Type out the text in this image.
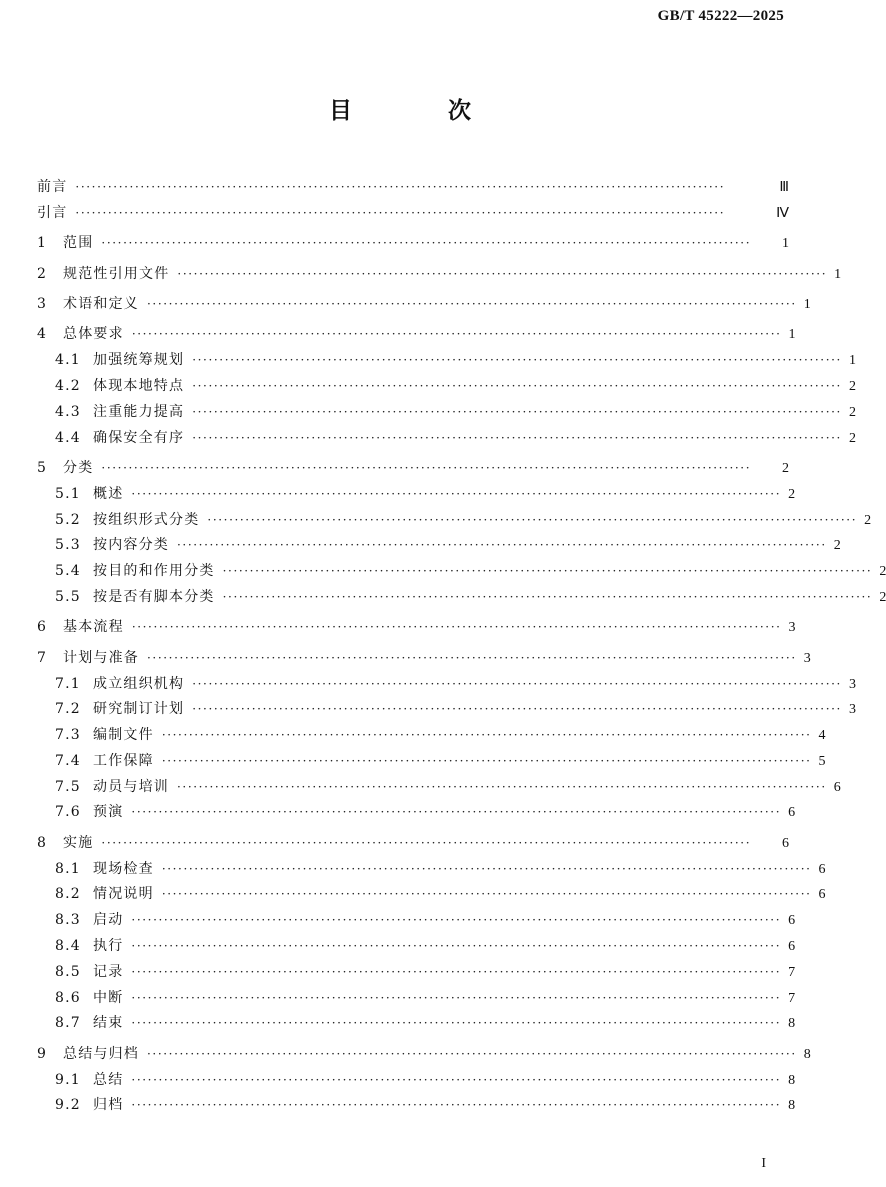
GB/T 45222—2025
目 次
前言 ························································································································	Ⅲ
引言 ························································································································	Ⅳ
1	范围 ························································································································	1
2	规范性引用文件 ························································································································ 1
3	术语和定义 ························································································································ 1
4	总体要求 ························································································································ 1
4.1 加强统筹规划 ························································································································ 1
4.2 体现本地特点 ························································································································ 2
4.3 注重能力提高 ························································································································ 2
4.4 确保安全有序 ························································································································ 2
5	分类 ························································································································	2
5.1 概述 ························································································································ 2
5.2 按组织形式分类 ························································································································ 2
5.3 按内容分类 ························································································································ 2
5.4 按目的和作用分类 ························································································································ 2
5.5 按是否有脚本分类 ························································································································ 2
6	基本流程 ························································································································ 3
7	计划与准备 ························································································································ 3
7.1 成立组织机构 ························································································································ 3
7.2 研究制订计划 ························································································································ 3
7.3 编制文件 ························································································································ 4
7.4 工作保障 ························································································································ 5
7.5 动员与培训 ························································································································ 6
7.6 预演 ························································································································ 6
8	实施 ························································································································	6
8.1 现场检查 ························································································································ 6
8.2 情况说明 ························································································································ 6
8.3 启动 ························································································································ 6
8.4 执行 ························································································································ 6
8.5 记录 ························································································································ 7
8.6 中断 ························································································································ 7
8.7 结束 ························································································································ 8
9	总结与归档 ························································································································ 8
9.1 总结 ························································································································ 8
9.2 归档 ························································································································ 8
I
